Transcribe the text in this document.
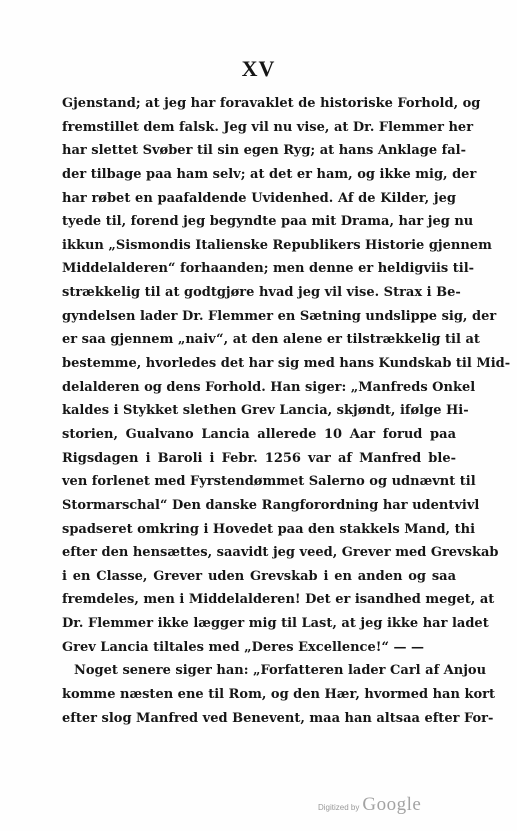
XV
Gjenstand; at jeg har foravaklet de historiske Forhold, og
fremstillet dem falsk. Jeg vil nu vise, at Dr. Flemmer her
har slettet Svøber til sin egen Ryg; at hans Anklage fal-
der tilbage paa ham selv; at det er ham, og ikke mig, der
har røbet en paafaldende Uvidenhed. Af de Kilder, jeg
tyede til, forend jeg begyndte paa mit Drama, har jeg nu
ikkun „Sismondis Italienske Republikers Historie gjennem
Middelalderen“ forhaanden; men denne er heldigviis til-
strækkelig til at godtgjøre hvad jeg vil vise. Strax i Be-
gyndelsen lader Dr. Flemmer en Sætning undslippe sig, der
er saa gjennem „naiv“, at den alene er tilstrækkelig til at
bestemme, hvorledes det har sig med hans Kundskab til Mid-
delalderen og dens Forhold. Han siger: „Manfreds Onkel
kaldes i Stykket slethen Grev Lancia, skjøndt, ifølge Hi-
storien, Gualvano Lancia allerede 10 Aar forud paa
Rigsdagen i Baroli i Febr. 1256 var af Manfred ble-
ven forlenet med Fyrstendømmet Salerno og udnævnt til
Stormarschal“ Den danske Rangforordning har udentvivl
spadseret omkring i Hovedet paa den stakkels Mand, thi
efter den hensættes, saavidt jeg veed, Grever med Grevskab
i en Classe, Grever uden Grevskab i en anden og saa
fremdeles, men i Middelalderen! Det er isandhed meget, at
Dr. Flemmer ikke lægger mig til Last, at jeg ikke har ladet
Grev Lancia tiltales med „Deres Excellence!“ — —
Noget senere siger han: „Forfatteren lader Carl af Anjou
komme næsten ene til Rom, og den Hær, hvormed han kort
efter slog Manfred ved Benevent, maa han altsaa efter For-
Digitized by Google
